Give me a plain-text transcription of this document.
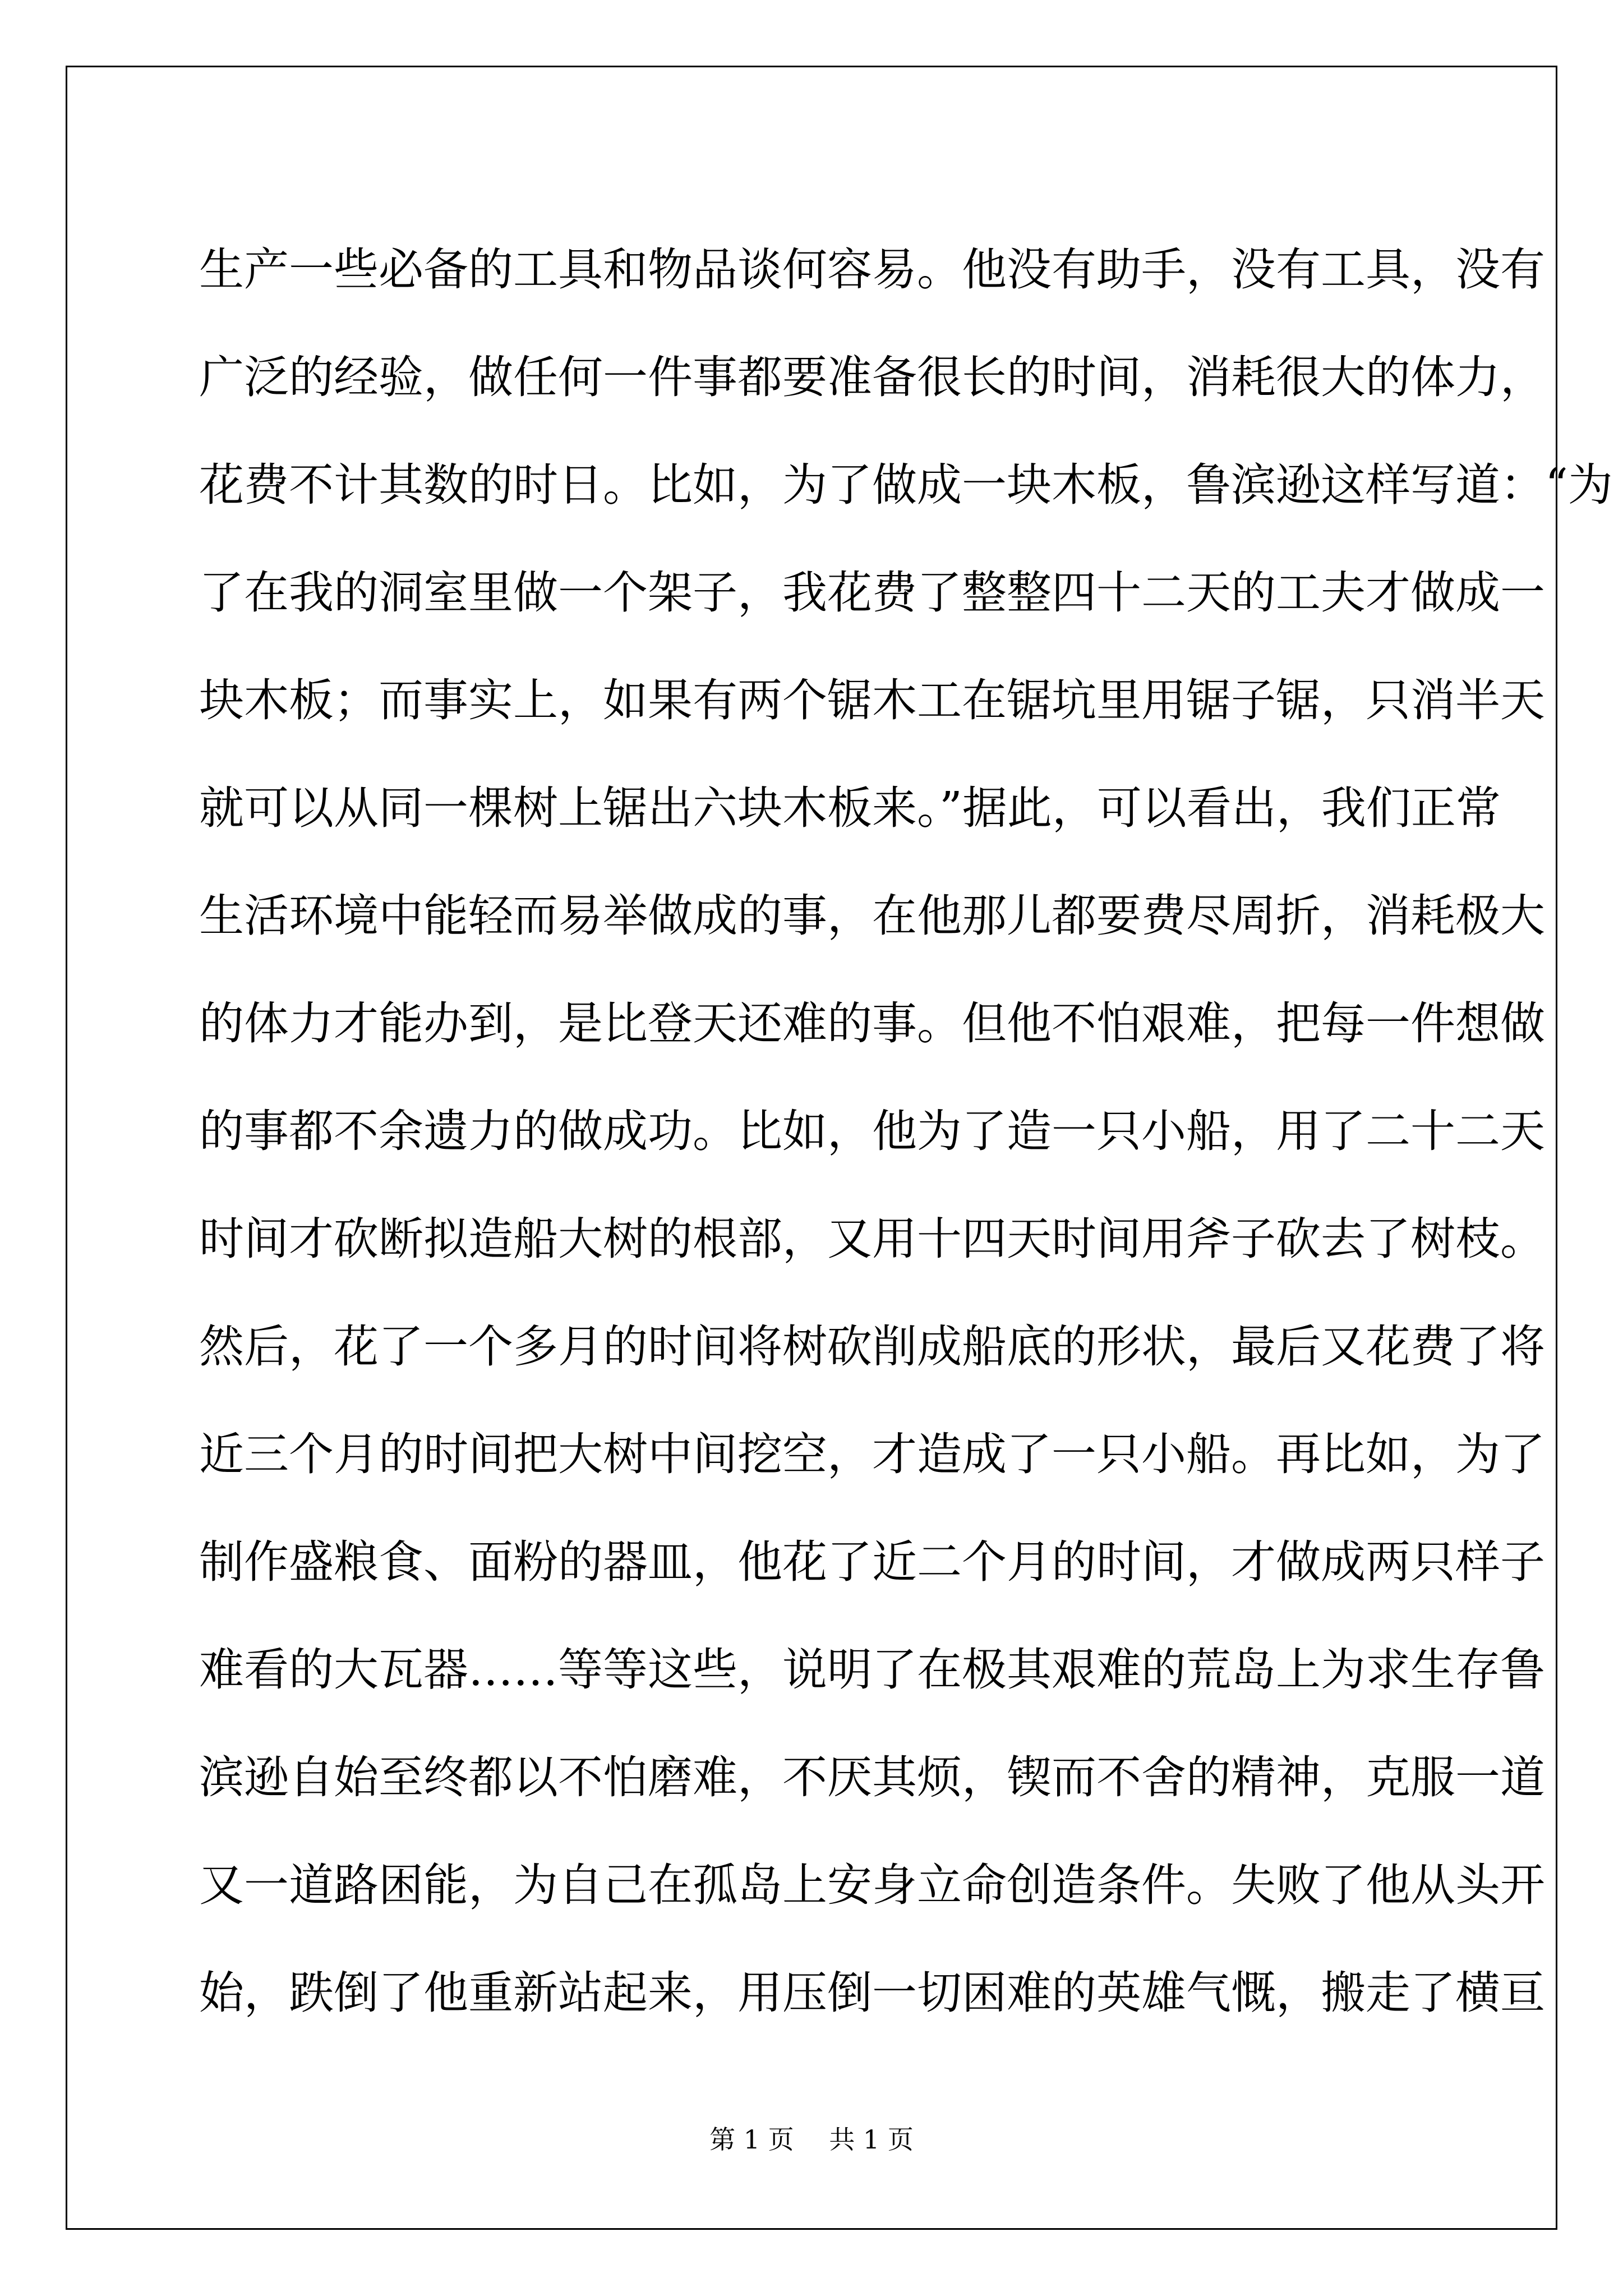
生产一些必备的工具和物品谈何容易。他没有助手，没有工具，没有
广泛的经验，做任何一件事都要准备很长的时间，消耗很大的体力，
花费不计其数的时日。比如，为了做成一块木板，鲁滨逊这样写道：“为
了在我的洞室里做一个架子，我花费了整整四十二天的工夫才做成一
块木板；而事实上，如果有两个锯木工在锯坑里用锯子锯，只消半天
就可以从同一棵树上锯出六块木板来。”据此，可以看出，我们正常
生活环境中能轻而易举做成的事，在他那儿都要费尽周折，消耗极大
的体力才能办到，是比登天还难的事。但他不怕艰难，把每一件想做
的事都不余遗力的做成功。比如，他为了造一只小船，用了二十二天
时间才砍断拟造船大树的根部，又用十四天时间用斧子砍去了树枝。
然后，花了一个多月的时间将树砍削成船底的形状，最后又花费了将
近三个月的时间把大树中间挖空，才造成了一只小船。再比如，为了
制作盛粮食、面粉的器皿，他花了近二个月的时间，才做成两只样子
难看的大瓦器……等等这些，说明了在极其艰难的荒岛上为求生存鲁
滨逊自始至终都以不怕磨难，不厌其烦，锲而不舍的精神，克服一道
又一道路困能，为自己在孤岛上安身立命创造条件。失败了他从头开
始，跌倒了他重新站起来，用压倒一切困难的英雄气慨，搬走了横亘
第 1 页 共 1 页
